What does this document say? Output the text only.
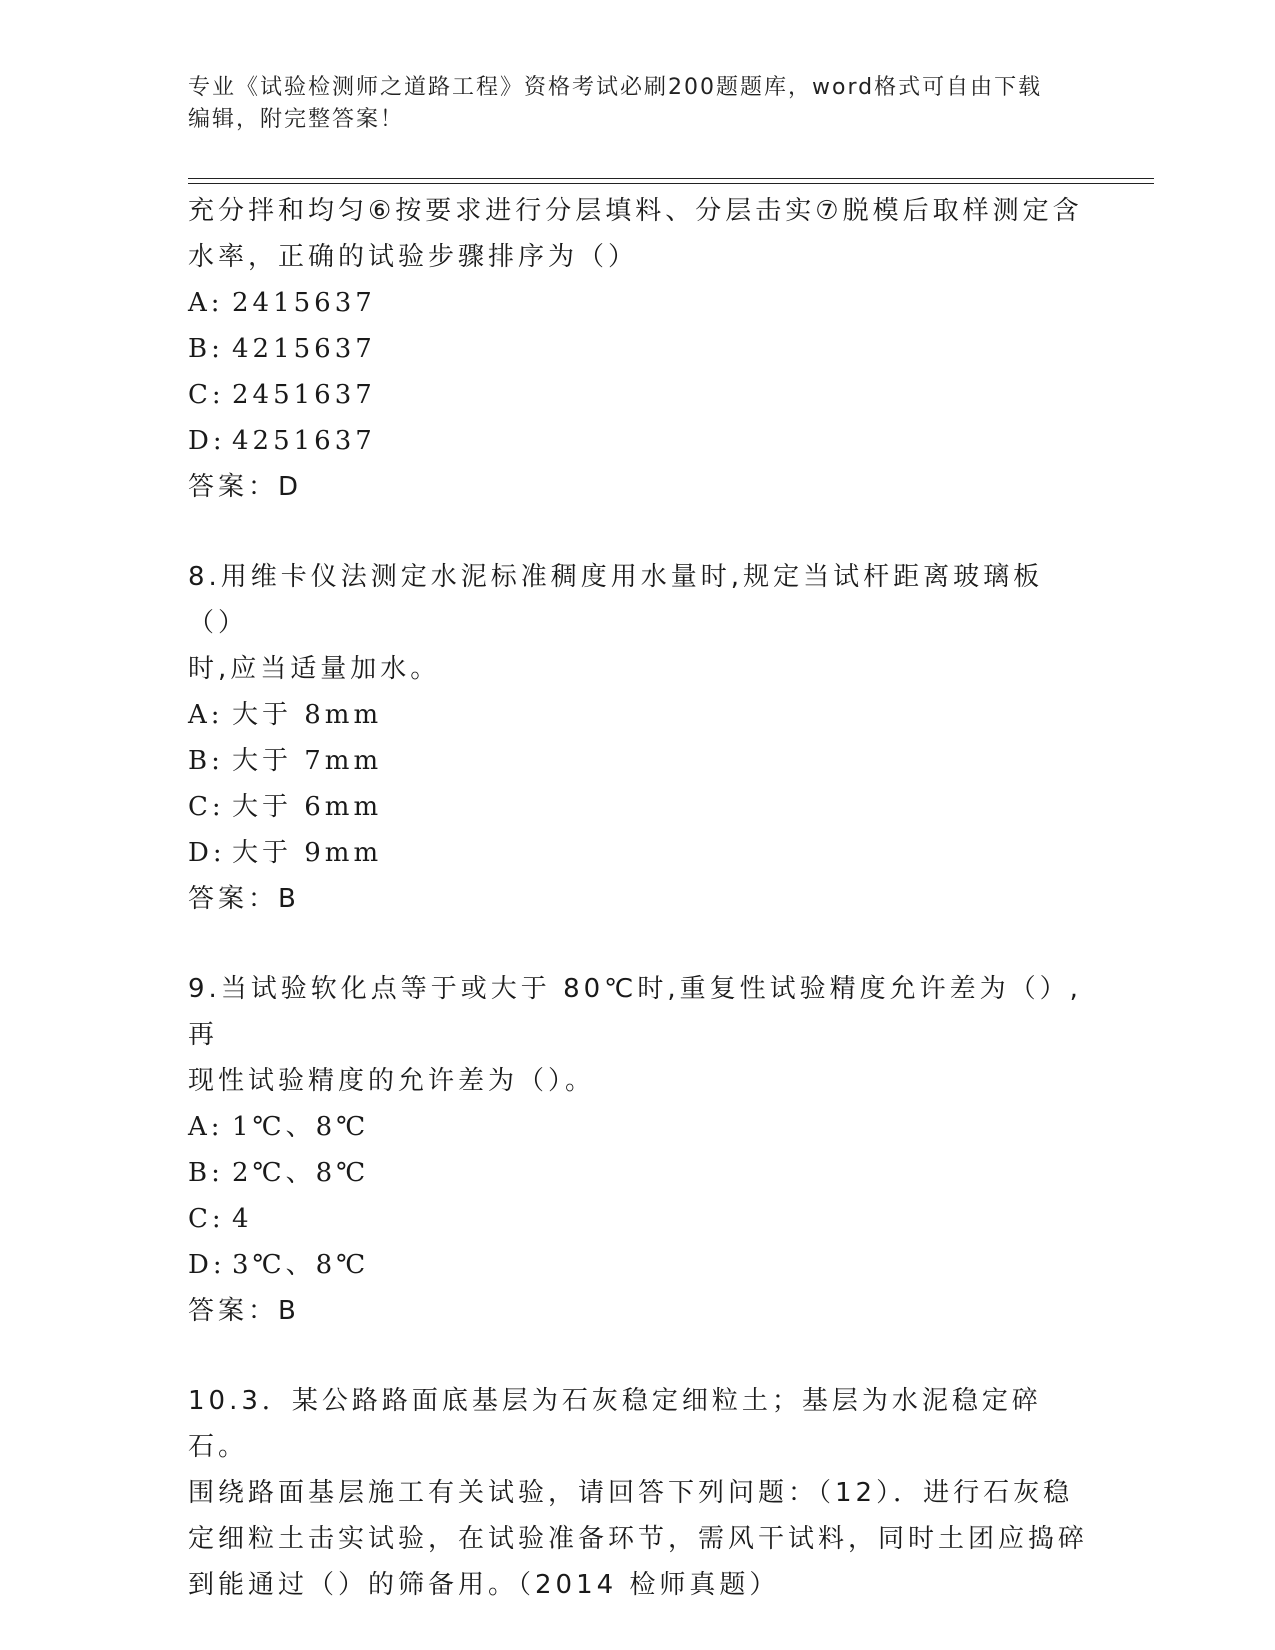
专业《试验检测师之道路工程》资格考试必刷200题题库，word格式可自由下载
编辑，附完整答案！
充分拌和均匀⑥按要求进行分层填料、分层击实⑦脱模后取样测定含
水率，正确的试验步骤排序为（）
A: 2415637
B: 4215637
C: 2451637
D: 4251637
答案：D
8.用维卡仪法测定水泥标准稠度用水量时,规定当试杆距离玻璃板（）
时,应当适量加水。
A: 大于 8mm
B: 大于 7mm
C: 大于 6mm
D: 大于 9mm
答案：B
9.当试验软化点等于或大于 80℃时,重复性试验精度允许差为（）,再
现性试验精度的允许差为（）。
A: 1℃、8℃
B: 2℃、8℃
C: 4
D: 3℃、8℃
答案：B
10.3．某公路路面底基层为石灰稳定细粒土；基层为水泥稳定碎石。
围绕路面基层施工有关试验，请回答下列问题：（12）．进行石灰稳
定细粒土击实试验，在试验准备环节，需风干试料，同时土团应捣碎
到能通过（）的筛备用。（2014 检师真题）
